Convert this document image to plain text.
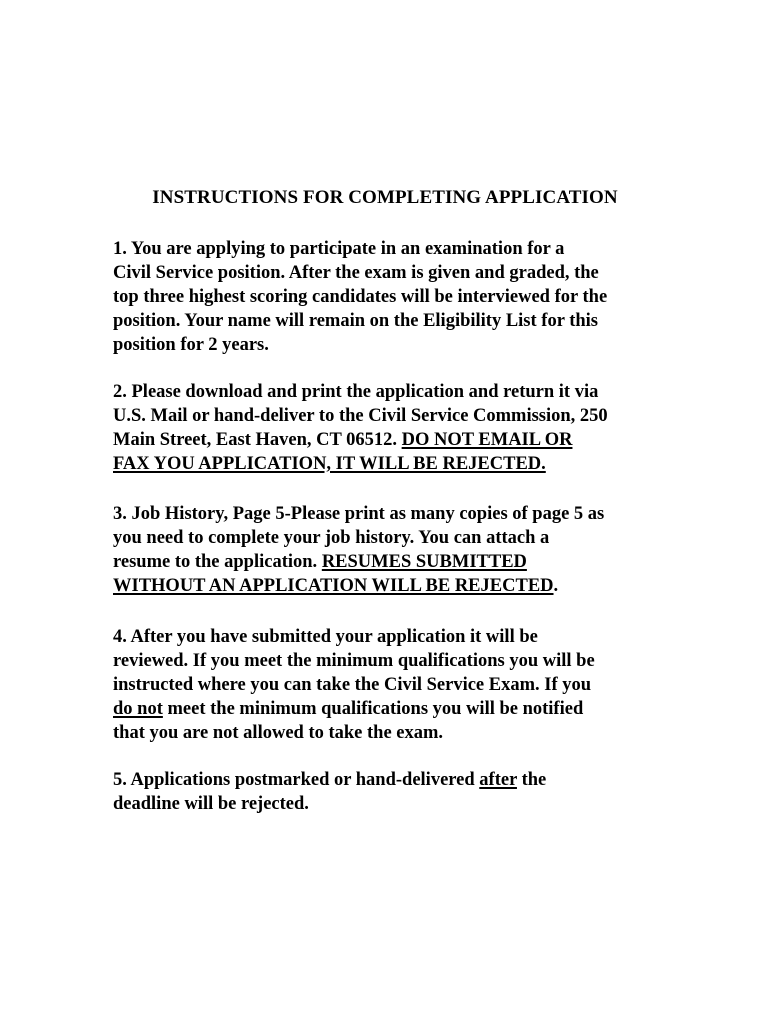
INSTRUCTIONS FOR COMPLETING APPLICATION

1. You are applying to participate in an examination for a
Civil Service position. After the exam is given and graded, the
top three highest scoring candidates will be interviewed for the
position. Your name will remain on the Eligibility List for this
position for 2 years.

2. Please download and print the application and return it via
U.S. Mail or hand-deliver to the Civil Service Commission, 250
Main Street, East Haven, CT 06512. DO NOT EMAIL OR
FAX YOU APPLICATION, IT WILL BE REJECTED.

3. Job History, Page 5-Please print as many copies of page 5 as
you need to complete your job history. You can attach a
resume to the application. RESUMES SUBMITTED
WITHOUT AN APPLICATION WILL BE REJECTED.

4. After you have submitted your application it will be
reviewed. If you meet the minimum qualifications you will be
instructed where you can take the Civil Service Exam. If you
do not meet the minimum qualifications you will be notified
that you are not allowed to take the exam.

5. Applications postmarked or hand-delivered after the
deadline will be rejected.
